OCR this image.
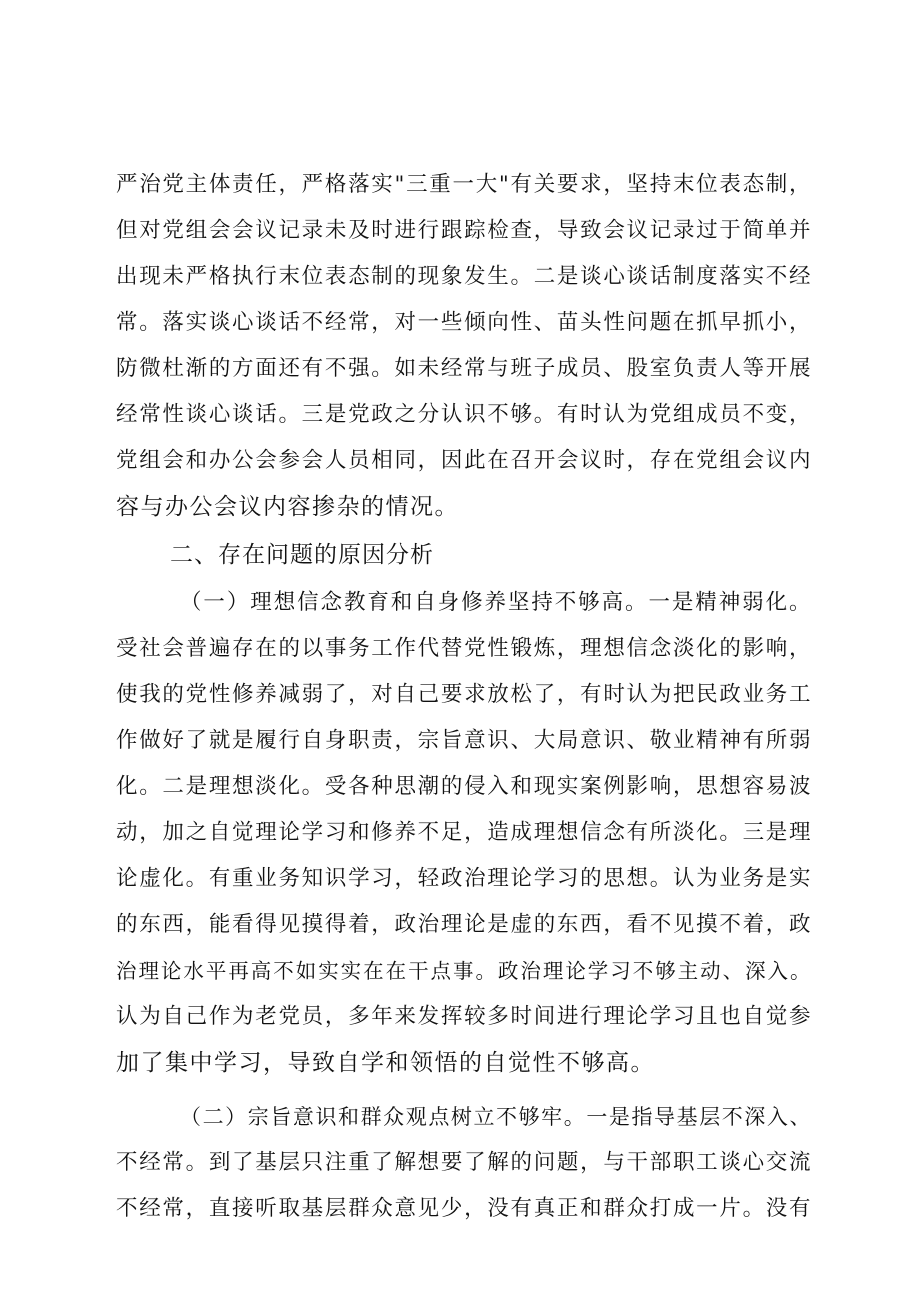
严治党主体责任，严格落实"三重一大"有关要求，坚持末位表态制，
但对党组会会议记录未及时进行跟踪检查，导致会议记录过于简单并
出现未严格执行末位表态制的现象发生。二是谈心谈话制度落实不经
常。落实谈心谈话不经常，对一些倾向性、苗头性问题在抓早抓小，
防微杜渐的方面还有不强。如未经常与班子成员、股室负责人等开展
经常性谈心谈话。三是党政之分认识不够。有时认为党组成员不变，
党组会和办公会参会人员相同，因此在召开会议时，存在党组会议内
容与办公会议内容掺杂的情况。
二、存在问题的原因分析
（一）理想信念教育和自身修养坚持不够高。一是精神弱化。
受社会普遍存在的以事务工作代替党性锻炼，理想信念淡化的影响，
使我的党性修养减弱了，对自己要求放松了，有时认为把民政业务工
作做好了就是履行自身职责，宗旨意识、大局意识、敬业精神有所弱
化。二是理想淡化。受各种思潮的侵入和现实案例影响，思想容易波
动，加之自觉理论学习和修养不足，造成理想信念有所淡化。三是理
论虚化。有重业务知识学习，轻政治理论学习的思想。认为业务是实
的东西，能看得见摸得着，政治理论是虚的东西，看不见摸不着，政
治理论水平再高不如实实在在干点事。政治理论学习不够主动、深入。
认为自己作为老党员，多年来发挥较多时间进行理论学习且也自觉参
加了集中学习，导致自学和领悟的自觉性不够高。
（二）宗旨意识和群众观点树立不够牢。一是指导基层不深入、
不经常。到了基层只注重了解想要了解的问题，与干部职工谈心交流
不经常，直接听取基层群众意见少，没有真正和群众打成一片。没有
